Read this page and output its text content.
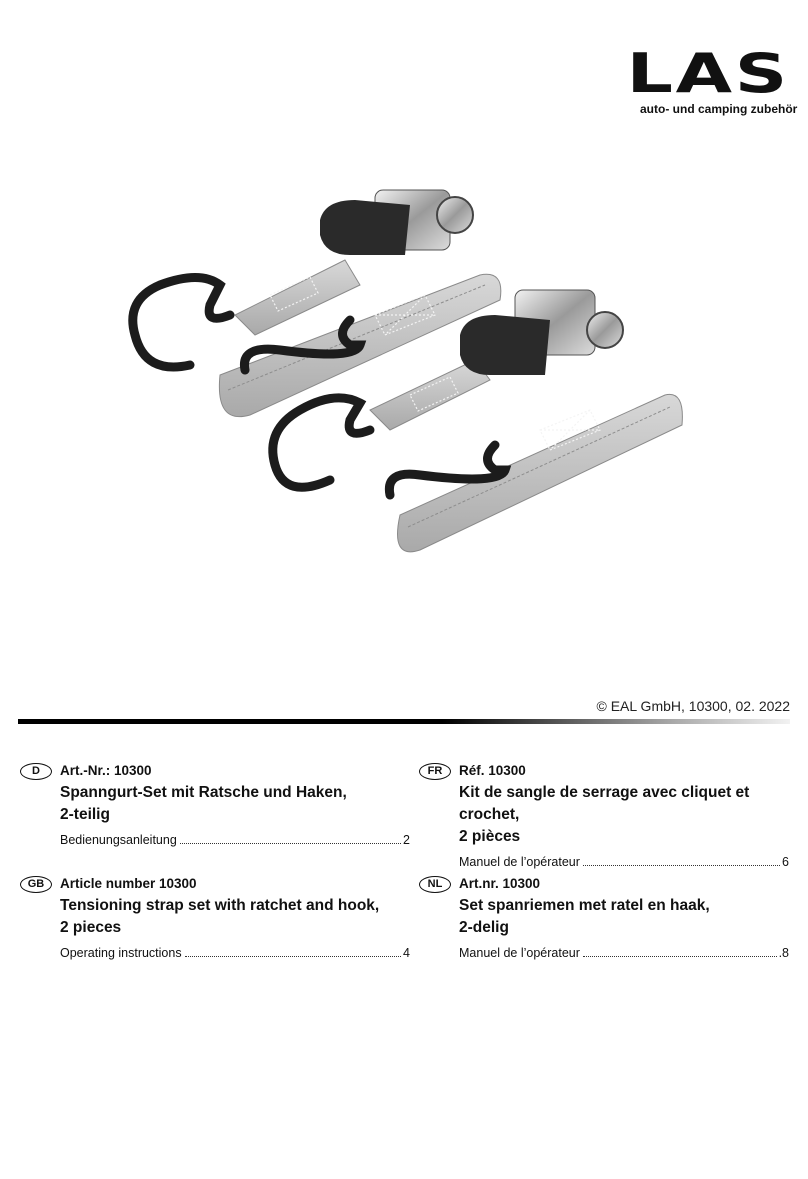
LAS
auto- und camping zubehör
© EAL GmbH, 10300, 02. 2022
D	Art.-Nr.: 10300
Spanngurt-Set mit Ratsche und Haken,
2-teilig
Bedienungsanleitung	2
FR	Réf. 10300
Kit de sangle de serrage avec cliquet et crochet,
2 pièces
Manuel de l’opérateur	6
GB	Article number 10300
Tensioning strap set with ratchet and hook,
2 pieces
Operating instructions	4
NL	Art.nr. 10300
Set spanriemen met ratel en haak,
2-delig
Manuel de l’opérateur	.8
